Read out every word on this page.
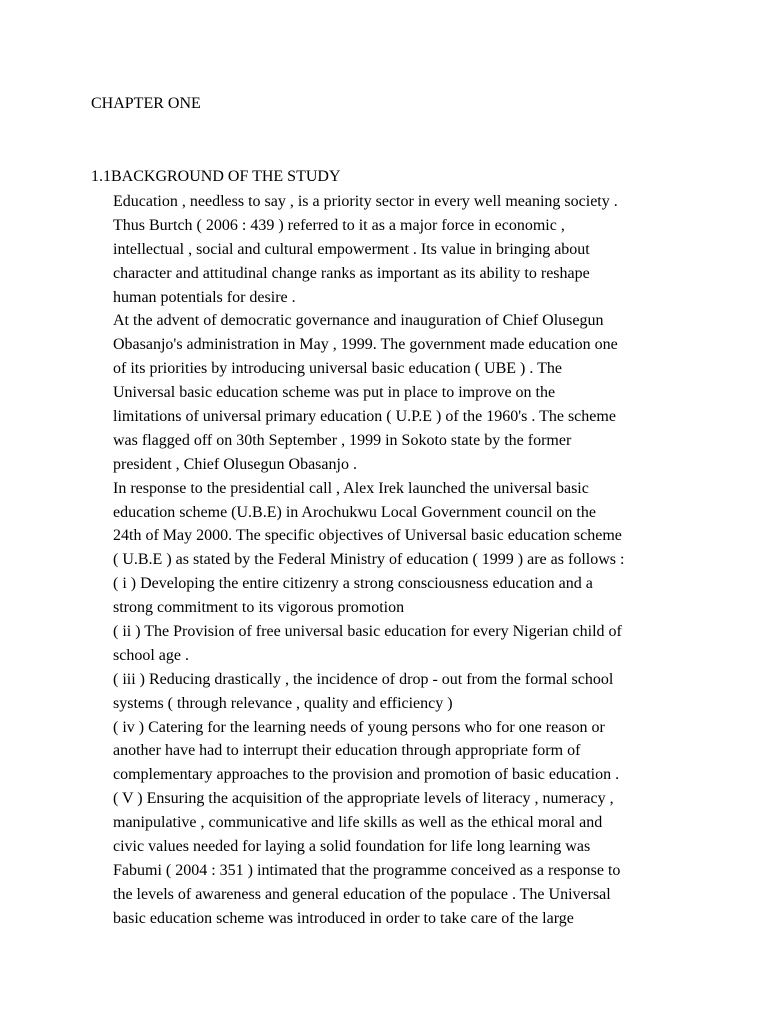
CHAPTER ONE
1.1BACKGROUND OF THE STUDY
Education , needless to say , is a priority sector in every well meaning society .
Thus Burtch ( 2006 : 439 ) referred to it as a major force in economic ,
intellectual , social and cultural empowerment . Its value in bringing about
character and attitudinal change ranks as important as its ability to reshape
human potentials for desire .
At the advent of democratic governance and inauguration of Chief Olusegun
Obasanjo's administration in May , 1999. The government made education one
of its priorities by introducing universal basic education ( UBE ) . The
Universal basic education scheme was put in place to improve on the
limitations of universal primary education ( U.P.E ) of the 1960's . The scheme
was flagged off on 30th September , 1999 in Sokoto state by the former
president , Chief Olusegun Obasanjo .
In response to the presidential call , Alex Irek launched the universal basic
education scheme (U.B.E) in Arochukwu Local Government council on the
24th of May 2000. The specific objectives of Universal basic education scheme
( U.B.E ) as stated by the Federal Ministry of education ( 1999 ) are as follows :
( i ) Developing the entire citizenry a strong consciousness education and a
strong commitment to its vigorous promotion
( ii ) The Provision of free universal basic education for every Nigerian child of
school age .
( iii ) Reducing drastically , the incidence of drop - out from the formal school
systems ( through relevance , quality and efficiency )
( iv ) Catering for the learning needs of young persons who for one reason or
another have had to interrupt their education through appropriate form of
complementary approaches to the provision and promotion of basic education .
( V ) Ensuring the acquisition of the appropriate levels of literacy , numeracy ,
manipulative , communicative and life skills as well as the ethical moral and
civic values needed for laying a solid foundation for life long learning was
Fabumi ( 2004 : 351 ) intimated that the programme conceived as a response to
the levels of awareness and general education of the populace . The Universal
basic education scheme was introduced in order to take care of the large
